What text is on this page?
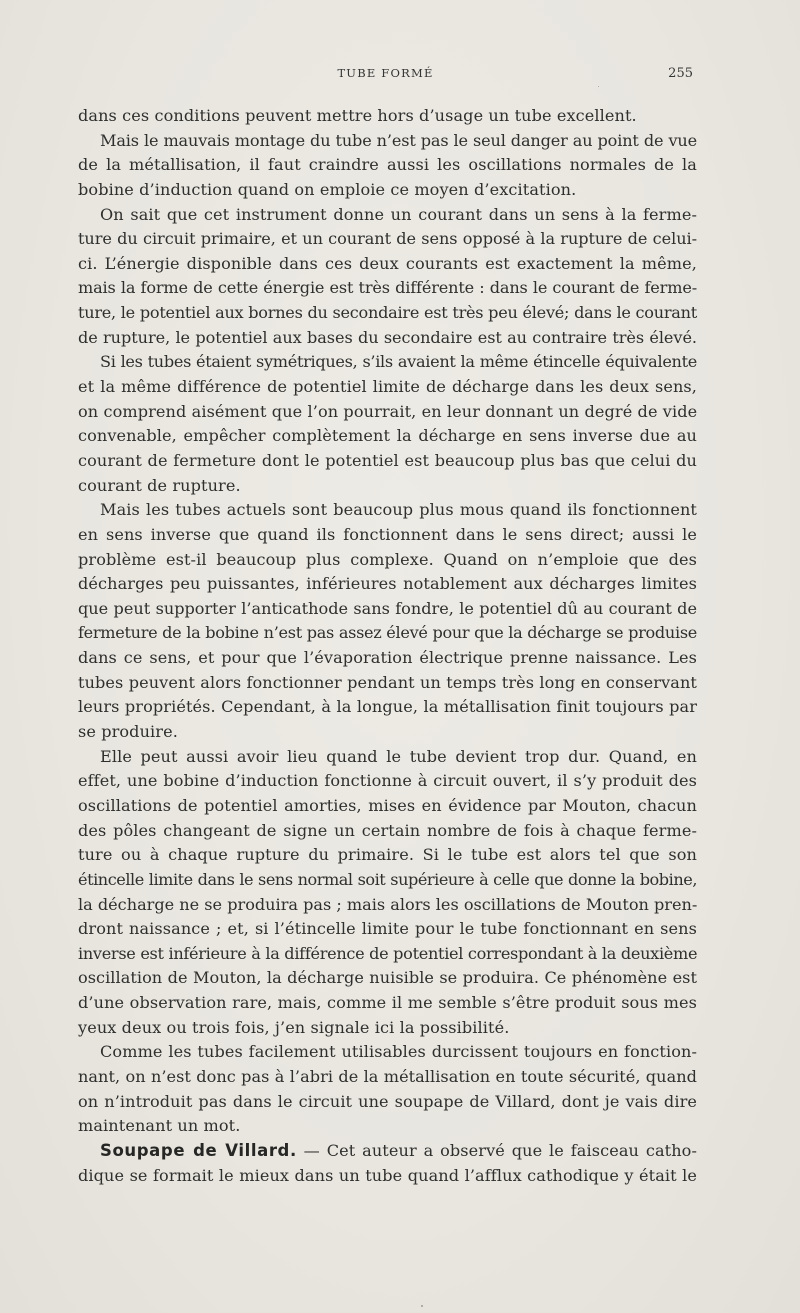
TUBE FORMÉ	255
dans ces conditions peuvent mettre hors d’usage un tube excellent.
Mais le mauvais montage du tube n’est pas le seul danger au point de vue
de la métallisation, il faut craindre aussi les oscillations normales de la
bobine d’induction quand on emploie ce moyen d’excitation.
On sait que cet instrument donne un courant dans un sens à la ferme-
ture du circuit primaire, et un courant de sens opposé à la rupture de celui-
ci. L’énergie disponible dans ces deux courants est exactement la même,
mais la forme de cette énergie est très différente : dans le courant de ferme-
ture, le potentiel aux bornes du secondaire est très peu élevé; dans le courant
de rupture, le potentiel aux bases du secondaire est au contraire très élevé.
Si les tubes étaient symétriques, s’ils avaient la même étincelle équivalente
et la même différence de potentiel limite de décharge dans les deux sens,
on comprend aisément que l’on pourrait, en leur donnant un degré de vide
convenable, empêcher complètement la décharge en sens inverse due au
courant de fermeture dont le potentiel est beaucoup plus bas que celui du
courant de rupture.
Mais les tubes actuels sont beaucoup plus mous quand ils fonctionnent
en sens inverse que quand ils fonctionnent dans le sens direct; aussi le
problème est-il beaucoup plus complexe. Quand on n’emploie que des
décharges peu puissantes, inférieures notablement aux décharges limites
que peut supporter l’anticathode sans fondre, le potentiel dû au courant de
fermeture de la bobine n’est pas assez élevé pour que la décharge se produise
dans ce sens, et pour que l’évaporation électrique prenne naissance. Les
tubes peuvent alors fonctionner pendant un temps très long en conservant
leurs propriétés. Cependant, à la longue, la métallisation finit toujours par
se produire.
Elle peut aussi avoir lieu quand le tube devient trop dur. Quand, en
effet, une bobine d’induction fonctionne à circuit ouvert, il s’y produit des
oscillations de potentiel amorties, mises en évidence par Mouton, chacun
des pôles changeant de signe un certain nombre de fois à chaque ferme-
ture ou à chaque rupture du primaire. Si le tube est alors tel que son
étincelle limite dans le sens normal soit supérieure à celle que donne la bobine,
la décharge ne se produira pas ; mais alors les oscillations de Mouton pren-
dront naissance ; et, si l’étincelle limite pour le tube fonctionnant en sens
inverse est inférieure à la différence de potentiel correspondant à la deuxième
oscillation de Mouton, la décharge nuisible se produira. Ce phénomène est
d’une observation rare, mais, comme il me semble s’être produit sous mes
yeux deux ou trois fois, j’en signale ici la possibilité.
Comme les tubes facilement utilisables durcissent toujours en fonction-
nant, on n’est donc pas à l’abri de la métallisation en toute sécurité, quand
on n’introduit pas dans le circuit une soupape de Villard, dont je vais dire
maintenant un mot.
Soupape de Villard. — Cet auteur a observé que le faisceau catho-
dique se formait le mieux dans un tube quand l’afflux cathodique y était le
